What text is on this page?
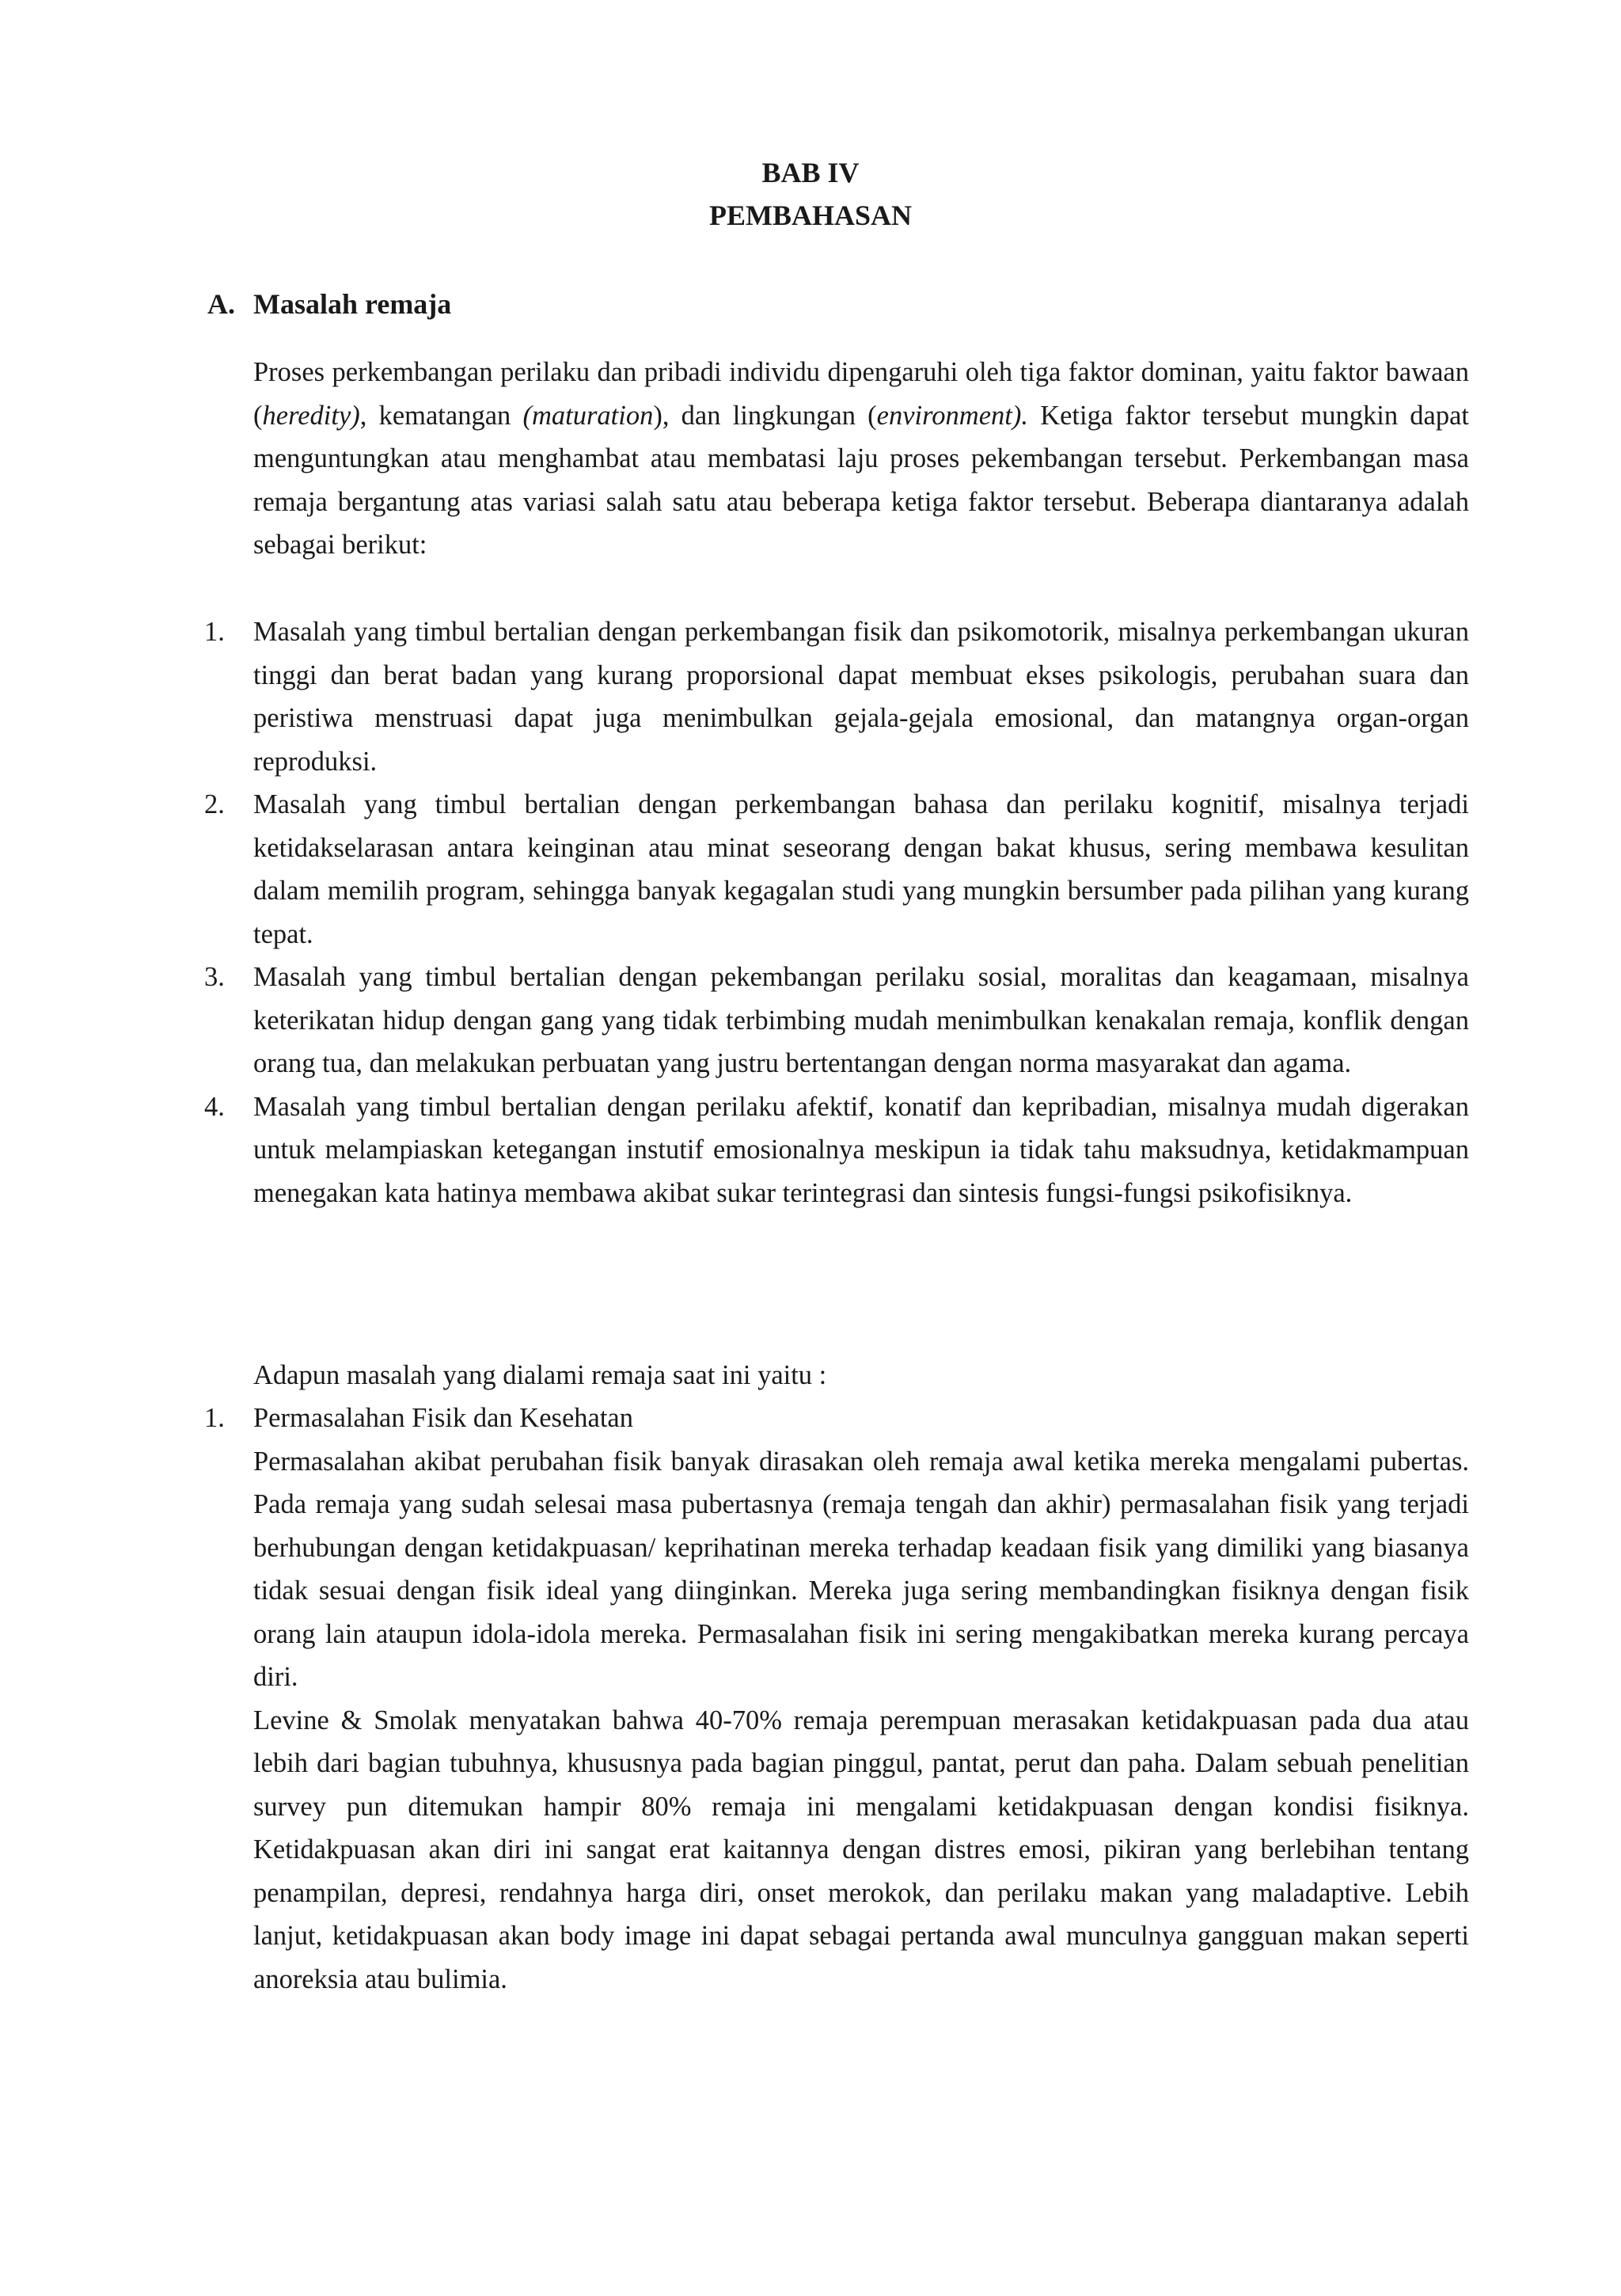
BAB IV
PEMBAHASAN
A. Masalah remaja

Proses perkembangan perilaku dan pribadi individu dipengaruhi oleh tiga faktor dominan, yaitu faktor bawaan (heredity), kematangan (maturation), dan lingkungan (environment). Ketiga faktor tersebut mungkin dapat menguntungkan atau menghambat atau membatasi laju proses pekembangan tersebut. Perkembangan masa remaja bergantung atas variasi salah satu atau beberapa ketiga faktor tersebut. Beberapa diantaranya adalah sebagai berikut:

1. Masalah yang timbul bertalian dengan perkembangan fisik dan psikomotorik, misalnya perkembangan ukuran tinggi dan berat badan yang kurang proporsional dapat membuat ekses psikologis, perubahan suara dan peristiwa menstruasi dapat juga menimbulkan gejala-gejala emosional, dan matangnya organ-organ reproduksi.
2. Masalah yang timbul bertalian dengan perkembangan bahasa dan perilaku kognitif, misalnya terjadi ketidakselarasan antara keinginan atau minat seseorang dengan bakat khusus, sering membawa kesulitan dalam memilih program, sehingga banyak kegagalan studi yang mungkin bersumber pada pilihan yang kurang tepat.
3. Masalah yang timbul bertalian dengan pekembangan perilaku sosial, moralitas dan keagamaan, misalnya keterikatan hidup dengan gang yang tidak terbimbing mudah menimbulkan kenakalan remaja, konflik dengan orang tua, dan melakukan perbuatan yang justru bertentangan dengan norma masyarakat dan agama.
4. Masalah yang timbul bertalian dengan perilaku afektif, konatif dan kepribadian, misalnya mudah digerakan untuk melampiaskan ketegangan instutif emosionalnya meskipun ia tidak tahu maksudnya, ketidakmampuan menegakan kata hatinya membawa akibat sukar terintegrasi dan sintesis fungsi-fungsi psikofisiknya.

Adapun masalah yang dialami remaja saat ini yaitu :

1. Permasalahan Fisik dan Kesehatan
Permasalahan akibat perubahan fisik banyak dirasakan oleh remaja awal ketika mereka mengalami pubertas. Pada remaja yang sudah selesai masa pubertasnya (remaja tengah dan akhir) permasalahan fisik yang terjadi berhubungan dengan ketidakpuasan/ keprihatinan mereka terhadap keadaan fisik yang dimiliki yang biasanya tidak sesuai dengan fisik ideal yang diinginkan. Mereka juga sering membandingkan fisiknya dengan fisik orang lain ataupun idola-idola mereka. Permasalahan fisik ini sering mengakibatkan mereka kurang percaya diri.
Levine & Smolak menyatakan bahwa 40-70% remaja perempuan merasakan ketidakpuasan pada dua atau lebih dari bagian tubuhnya, khususnya pada bagian pinggul, pantat, perut dan paha. Dalam sebuah penelitian survey pun ditemukan hampir 80% remaja ini mengalami ketidakpuasan dengan kondisi fisiknya. Ketidakpuasan akan diri ini sangat erat kaitannya dengan distres emosi, pikiran yang berlebihan tentang penampilan, depresi, rendahnya harga diri, onset merokok, dan perilaku makan yang maladaptive. Lebih lanjut, ketidakpuasan akan body image ini dapat sebagai pertanda awal munculnya gangguan makan seperti anoreksia atau bulimia.
